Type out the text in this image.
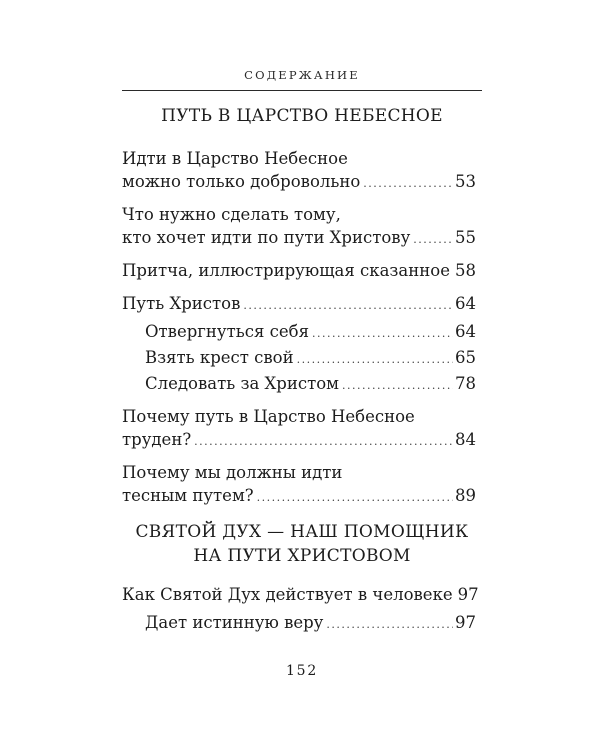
СОДЕРЖАНИЕ
ПУТЬ В ЦАРСТВО НЕБЕСНОЕ
Идти в Царство Небесное
можно только добровольно .....	53
Что нужно сделать тому,
кто хочет идти по пути Христову .....	55
Притча, иллюстрирующая сказанное ..... 58
Путь Христов .....	64
Отвергнуться себя .....	64
Взять крест свой .....	65
Следовать за Христом .....	78
Почему путь в Царство Небесное
труден? .....	84
Почему мы должны идти
тесным путем? .....	89
СВЯТОЙ ДУХ — НАШ ПОМОЩНИК
НА ПУТИ ХРИСТОВОМ
Как Святой Дух действует в человеке 97
Дает истинную веру .....	97
152
